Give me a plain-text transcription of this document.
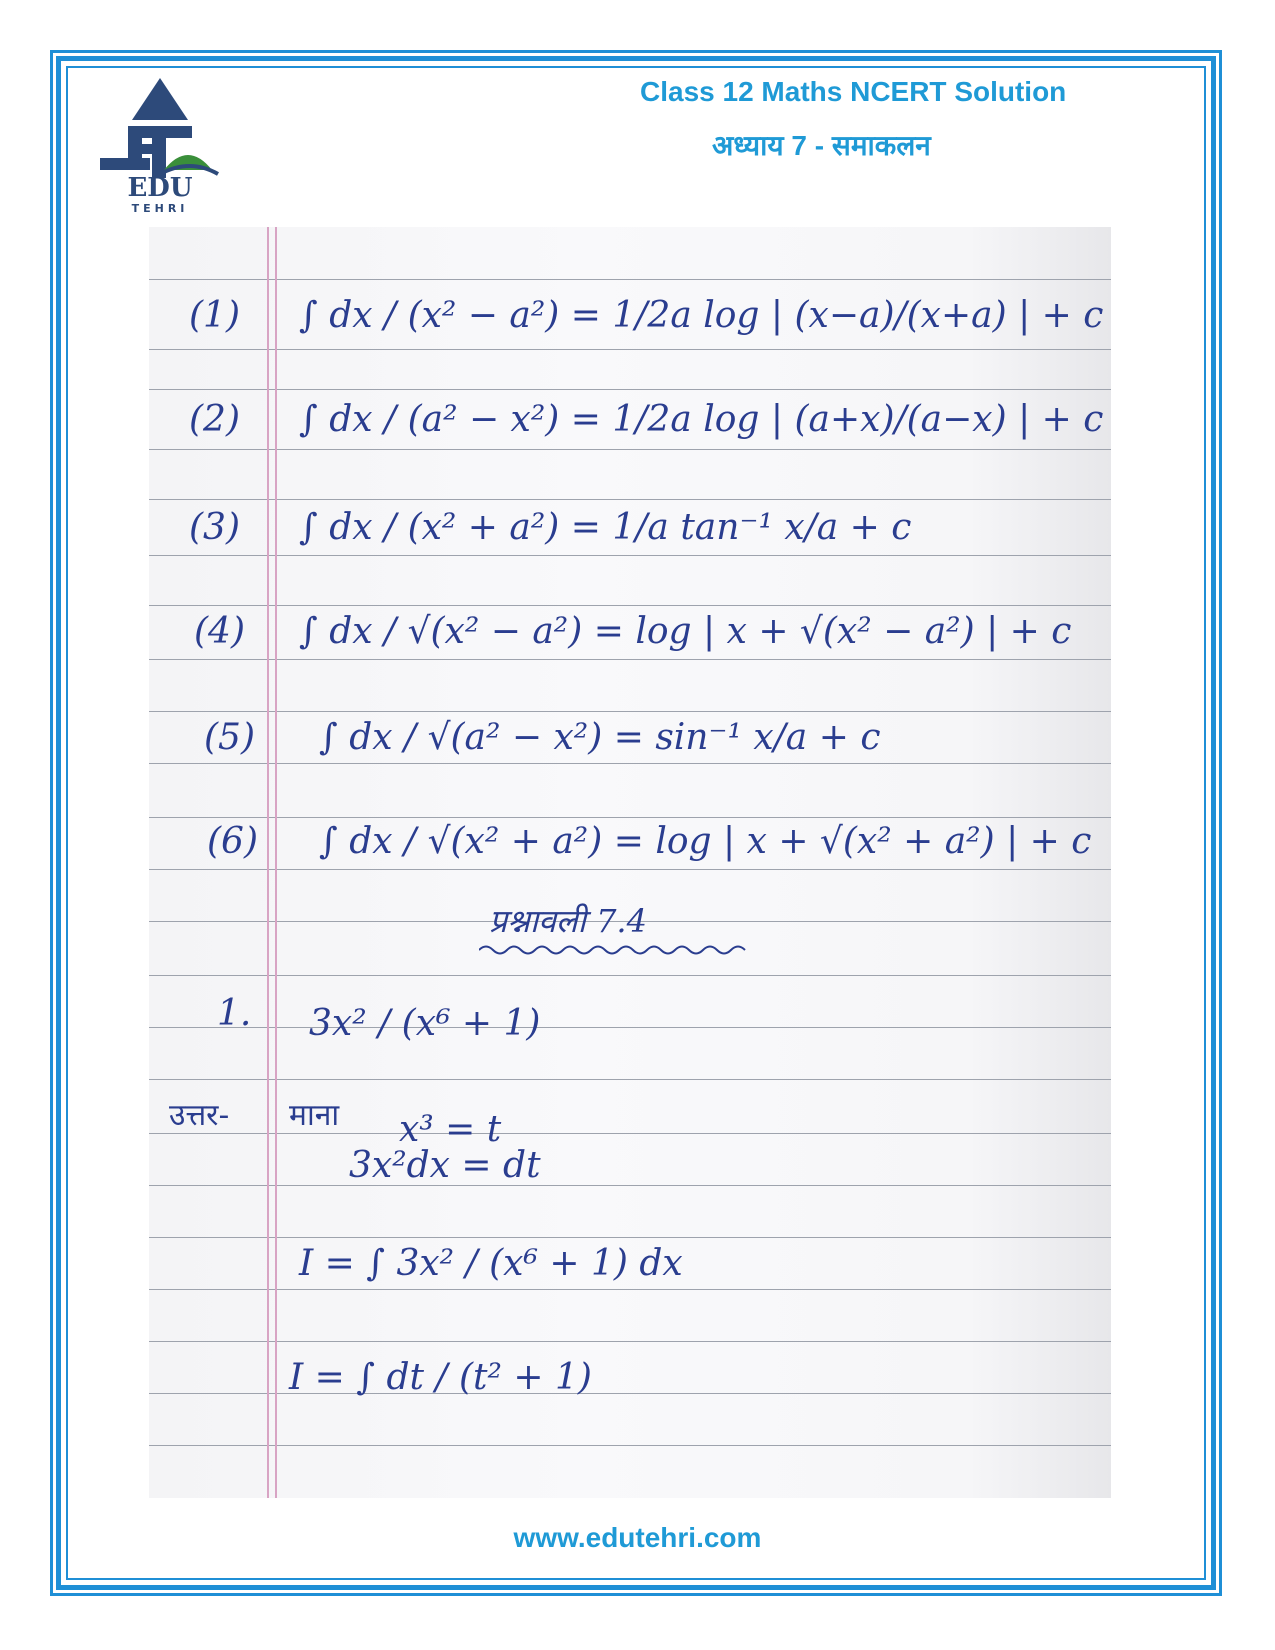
EDU
TEHRI
Class 12 Maths NCERT Solution
अध्याय 7 - समाकलन
(1) ∫ dx / (x² − a²) = 1/2a log | (x−a)/(x+a) | + c
(2) ∫ dx / (a² − x²) = 1/2a log | (a+x)/(a−x) | + c
(3) ∫ dx / (x² + a²) = 1/a tan⁻¹ x/a + c
(4) ∫ dx / √(x² − a²) = log | x + √(x² − a²) | + c
(5) ∫ dx / √(a² − x²) = sin⁻¹ x/a + c
(6) ∫ dx / √(x² + a²) = log | x + √(x² + a²) | + c
प्रश्नावली 7.4
1. 3x² / (x⁶ + 1)
उत्तर- माना x³ = t
3x²dx = dt
I = ∫ 3x² / (x⁶ + 1) dx
I = ∫ dt / (t² + 1)
www.edutehri.com
